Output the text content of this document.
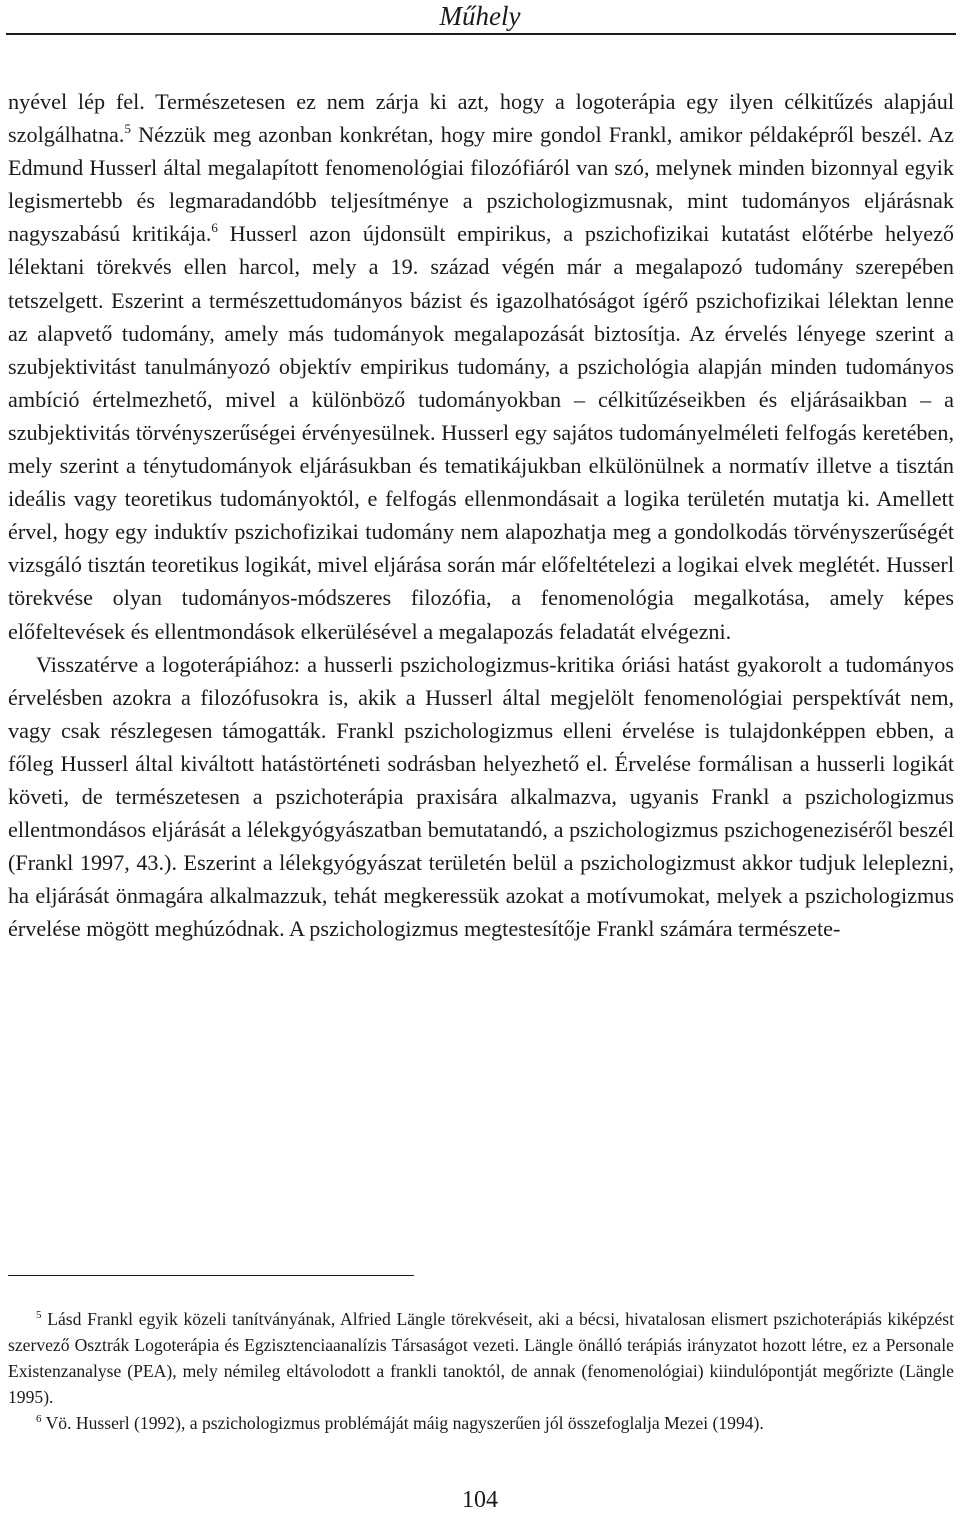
Műhely

nyével lép fel. Természetesen ez nem zárja ki azt, hogy a logoterápia egy ilyen célkitűzés alapjául szolgálhatna.$^5$ Nézzük meg azonban konkrétan, hogy mire gondol Frankl, amikor példaképről beszél. Az Edmund Husserl által megalapított fenomenológiai filozófiáról van szó, melynek minden bizonnyal egyik legismertebb és legmaradandóbb teljesítménye a pszichologizmusnak, mint tudományos eljárásnak nagyszabású kritikája.$^6$ Husserl azon újdonsült empirikus, a pszichofizikai kutatást előtérbe helyező lélektani törekvés ellen harcol, mely a 19. század végén már a megalapozó tudomány szerepében tetszelgett. Eszerint a természettudományos bázist és igazolhatóságot ígérő pszichofizikai lélektan lenne az alapvető tudomány, amely más tudományok megalapozását biztosítja. Az érvelés lényege szerint a szubjektivitást tanulmányozó objektív empirikus tudomány, a pszichológia alapján minden tudományos ambíció értelmezhető, mivel a különböző tudományokban – célkitűzéseikben és eljárásaikban – a szubjektivitás törvényszerűségei érvényesülnek. Husserl egy sajátos tudományelméleti felfogás keretében, mely szerint a ténytudományok eljárásukban és tematikájukban elkülönülnek a normatív illetve a tisztán ideális vagy teoretikus tudományoktól, e felfogás ellenmondásait a logika területén mutatja ki. Amellett érvel, hogy egy induktív pszichofizikai tudomány nem alapozhatja meg a gondolkodás törvényszerűségét vizsgáló tisztán teoretikus logikát, mivel eljárása során már előfeltételezi a logikai elvek meglétét. Husserl törekvése olyan tudományos-módszeres filozófia, a fenomenológia megalkotása, amely képes előfeltevések és ellentmondások elkerülésével a megalapozás feladatát elvégezni.

Visszatérve a logoterápiához: a husserli pszichologizmus-kritika óriási hatást gyakorolt a tudományos érvelésben azokra a filozófusokra is, akik a Husserl által megjelölt fenomenológiai perspektívát nem, vagy csak részlegesen támogatták. Frankl pszichologizmus elleni érvelése is tulajdonképpen ebben, a főleg Husserl által kiváltott hatástörténeti sodrásban helyezhető el. Érvelése formálisan a husserli logikát követi, de természetesen a pszichoterápia praxisára alkalmazva, ugyanis Frankl a pszichologizmus ellentmondásos eljárását a lélekgyógyászatban bemutatandó, a pszichologizmus pszichogeneziséről beszél (Frankl 1997, 43.). Eszerint a lélekgyógyászat területén belül a pszichologizmust akkor tudjuk leleplezni, ha eljárását önmagára alkalmazzuk, tehát megkeressük azokat a motívumokat, melyek a pszichologizmus érvelése mögött meghúzódnak. A pszichologizmus megtestesítője Frankl számára természete-

$^5$ Lásd Frankl egyik közeli tanítványának, Alfried Längle törekvéseit, aki a bécsi, hivatalosan elismert pszichoterápiás kiképzést szervező Osztrák Logoterápia és Egzisztenciaanalízis Társaságot vezeti. Längle önálló terápiás irányzatot hozott létre, ez a Personale Existenzanalyse (PEA), mely némileg eltávolodott a frankli tanoktól, de annak (fenomenológiai) kiindulópontját megőrizte (Längle 1995).

$^6$ Vö. Husserl (1992), a pszichologizmus problémáját máig nagyszerűen jól összefoglalja Mezei (1994).

104
